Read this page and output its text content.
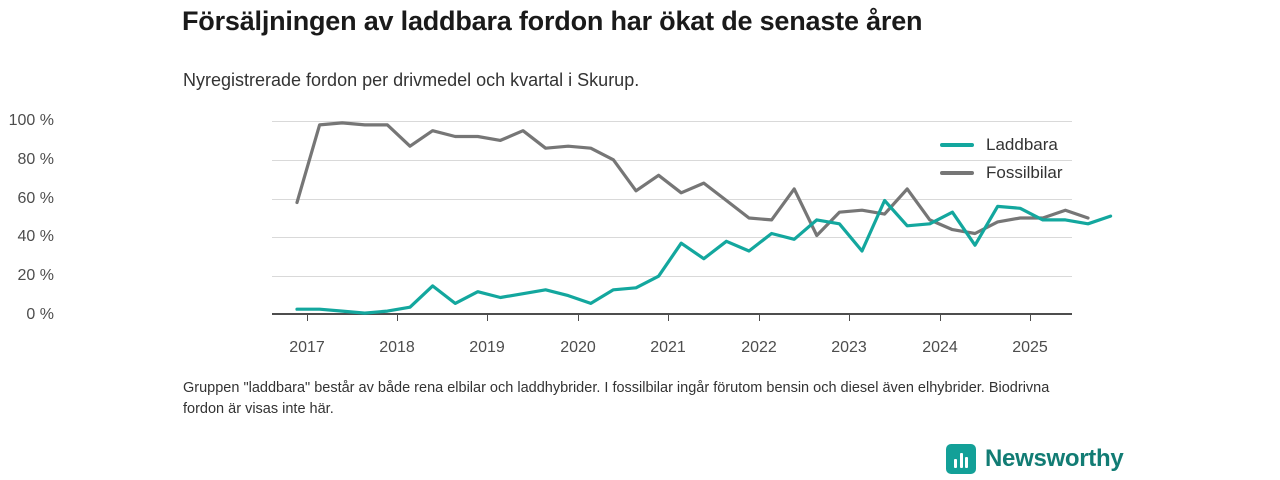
Försäljningen av laddbara fordon har ökat de senaste åren
Nyregistrerade fordon per drivmedel och kvartal i Skurup.
100 %
80 %
60 %
40 %
20 %
0 %
2017	2018	2019	2020	2021	2022	2023	2024	2025
Laddbara
Fossilbilar
Gruppen "laddbara" består av både rena elbilar och laddhybrider. I fossilbilar ingår förutom bensin och diesel även elhybrider. Biodrivna fordon är visas inte här.
Newsworthy
